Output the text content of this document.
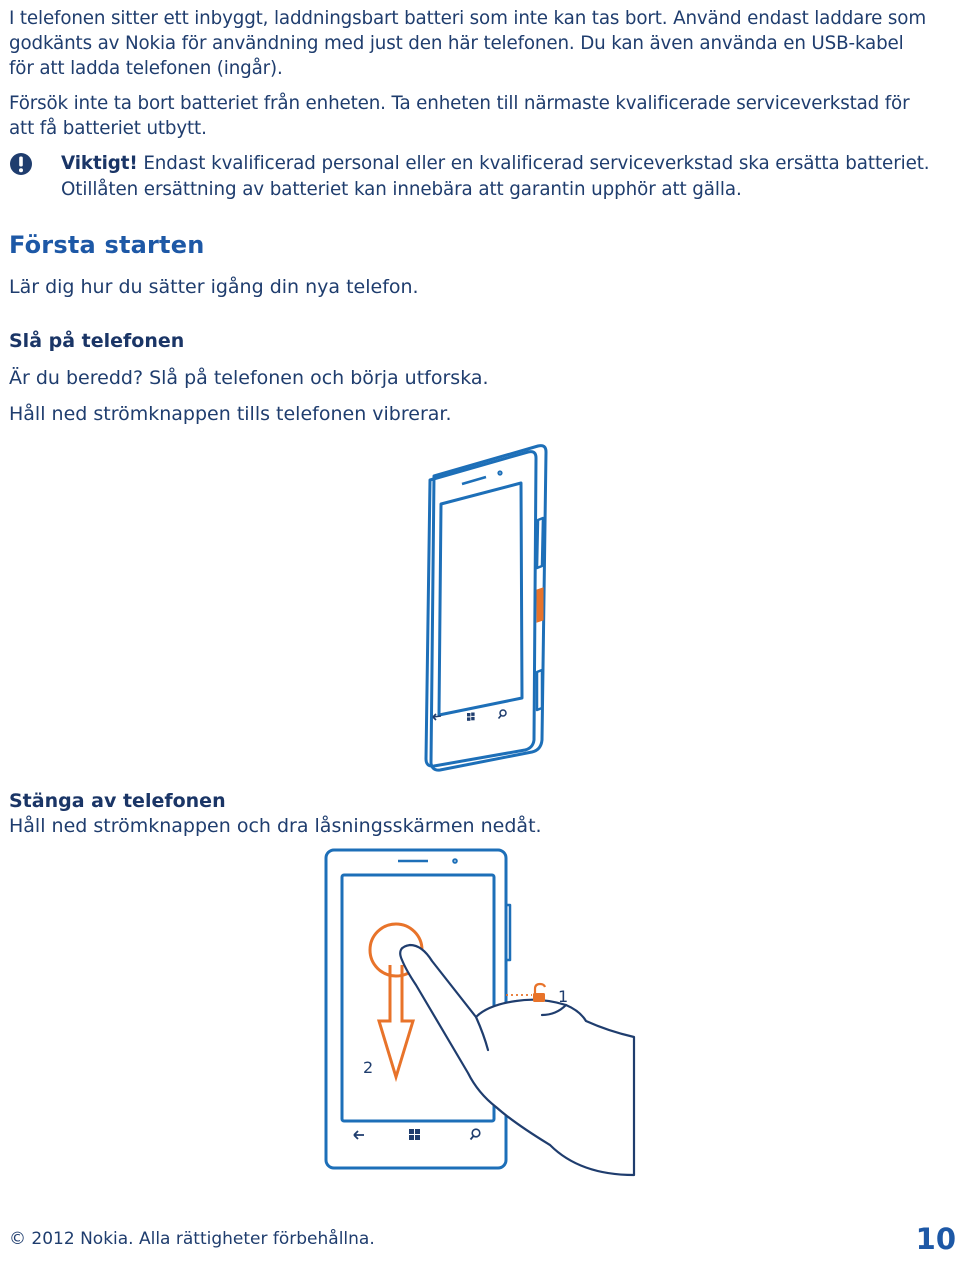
I telefonen sitter ett inbyggt, laddningsbart batteri som inte kan tas bort. Använd endast laddare som

godkänts av Nokia för användning med just den här telefonen. Du kan även använda en USB-kabel

för att ladda telefonen (ingår).

Försök inte ta bort batteriet från enheten. Ta enheten till närmaste kvalificerade serviceverkstad för

att få batteriet utbytt.

Viktigt! Endast kvalificerad personal eller en kvalificerad serviceverkstad ska ersätta batteriet.
Otillåten ersättning av batteriet kan innebära att garantin upphör att gälla.
Första starten

Lär dig hur du sätter igång din nya telefon.

Slå på telefonen

Är du beredd? Slå på telefonen och börja utforska.

Håll ned strömknappen tills telefonen vibrerar.

Stänga av telefonen

Håll ned strömknappen och dra låsningsskärmen nedåt.

1
2
© 2012 Nokia. Alla rättigheter förbehållna.	10
